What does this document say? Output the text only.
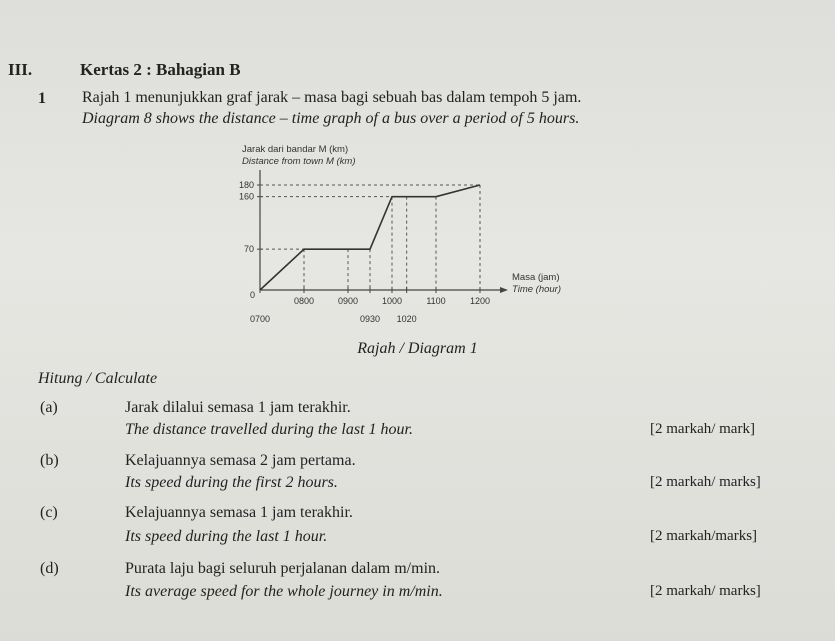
III.	Kertas 2 : Bahagian B
1 Rajah 1 menunjukkan graf jarak – masa bagi sebuah bas dalam tempoh 5 jam.
Diagram 8 shows the distance – time graph of a bus over a period of 5 hours.
Jarak dari bandar M (km)
Distance from town M (km)
0
70
160
180
0800	0900	1000	1100	1200
0700	0930 1020
Masa (jam)
Time (hour)
Rajah / Diagram 1
Hitung / Calculate
(a)	Jarak dilalui semasa 1 jam terakhir.
The distance travelled during the last 1 hour.	[2 markah/ mark]
(b)	Kelajuannya semasa 2 jam pertama.
Its speed during the first 2 hours.	[2 markah/ marks]
(c)	Kelajuannya semasa 1 jam terakhir.
Its speed during the last 1 hour.	[2 markah/marks]
(d)	Purata laju bagi seluruh perjalanan dalam m/min.
Its average speed for the whole journey in m/min.	[2 markah/ marks]
